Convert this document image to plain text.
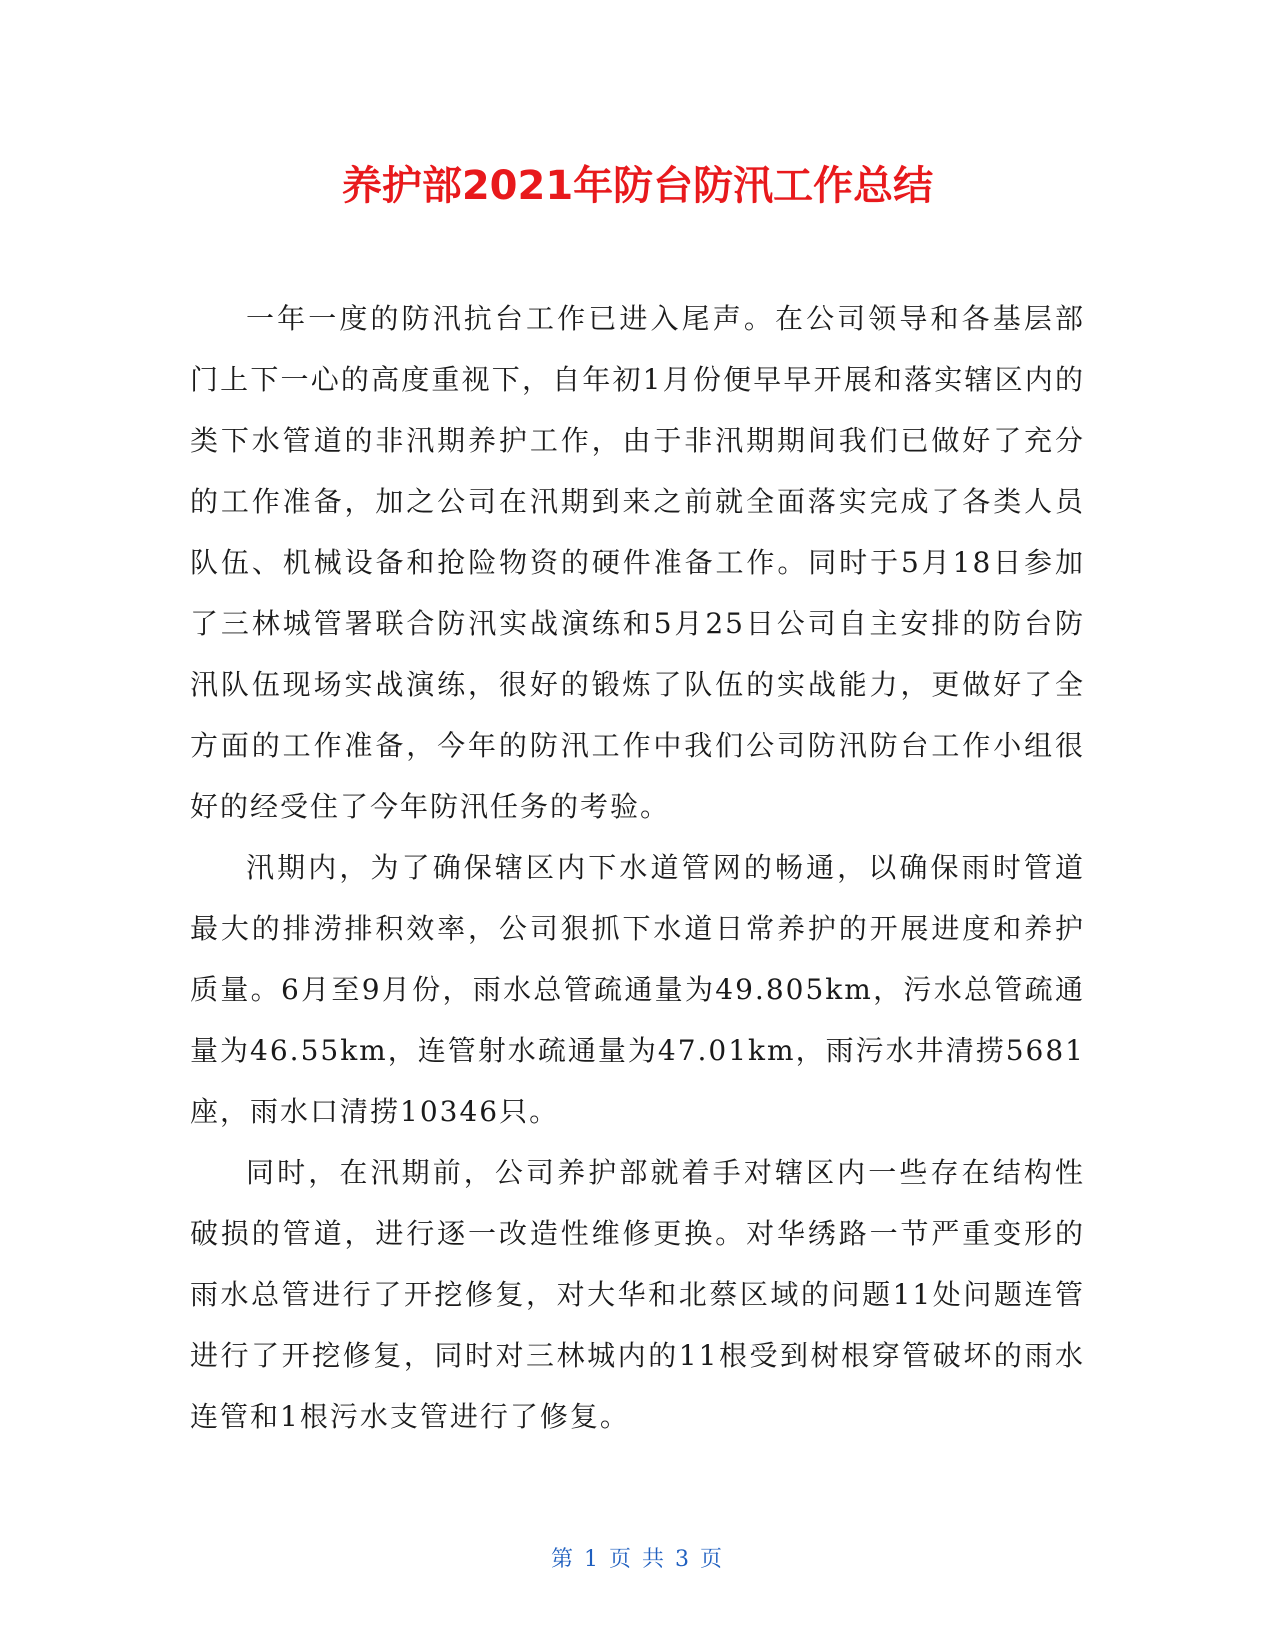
养护部2021年防台防汛工作总结

一年一度的防汛抗台工作已进入尾声。在公司领导和各基层部门上下一心的高度重视下，自年初1月份便早早开展和落实辖区内的类下水管道的非汛期养护工作，由于非汛期期间我们已做好了充分的工作准备，加之公司在汛期到来之前就全面落实完成了各类人员队伍、机械设备和抢险物资的硬件准备工作。同时于5月18日参加了三林城管署联合防汛实战演练和5月25日公司自主安排的防台防汛队伍现场实战演练，很好的锻炼了队伍的实战能力，更做好了全方面的工作准备，今年的防汛工作中我们公司防汛防台工作小组很好的经受住了今年防汛任务的考验。

汛期内，为了确保辖区内下水道管网的畅通，以确保雨时管道最大的排涝排积效率，公司狠抓下水道日常养护的开展进度和养护质量。6月至9月份，雨水总管疏通量为49.805km，污水总管疏通量为46.55km，连管射水疏通量为47.01km，雨污水井清捞5681座，雨水口清捞10346只。

同时，在汛期前，公司养护部就着手对辖区内一些存在结构性破损的管道，进行逐一改造性维修更换。对华绣路一节严重变形的雨水总管进行了开挖修复，对大华和北蔡区域的问题11处问题连管进行了开挖修复，同时对三林城内的11根受到树根穿管破坏的雨水连管和1根污水支管进行了修复。

第 1 页 共 3 页
